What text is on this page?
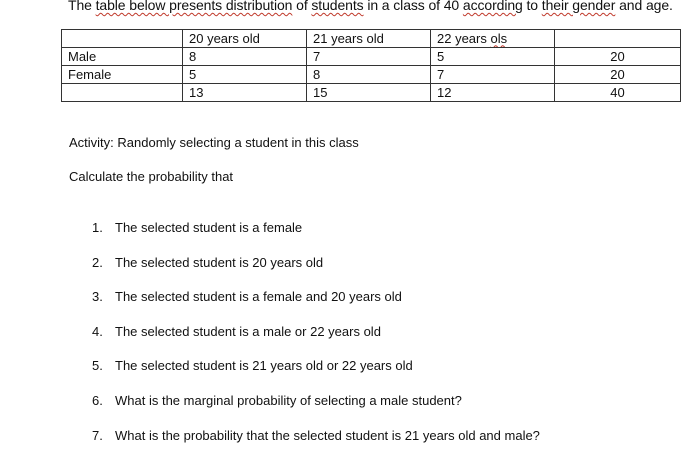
The table below presents distribution of students in a class of 40 according to their gender and age.
	20 years old	21 years old	22 years ols	
Male	8	7	5	20
Female	5	8	7	20
	13	15	12	40
Activity: Randomly selecting a student in this class
Calculate the probability that
1. The selected student is a female
2. The selected student is 20 years old
3. The selected student is a female and 20 years old
4. The selected student is a male or 22 years old
5. The selected student is 21 years old or 22 years old
6. What is the marginal probability of selecting a male student?
7. What is the probability that the selected student is 21 years old and male?
